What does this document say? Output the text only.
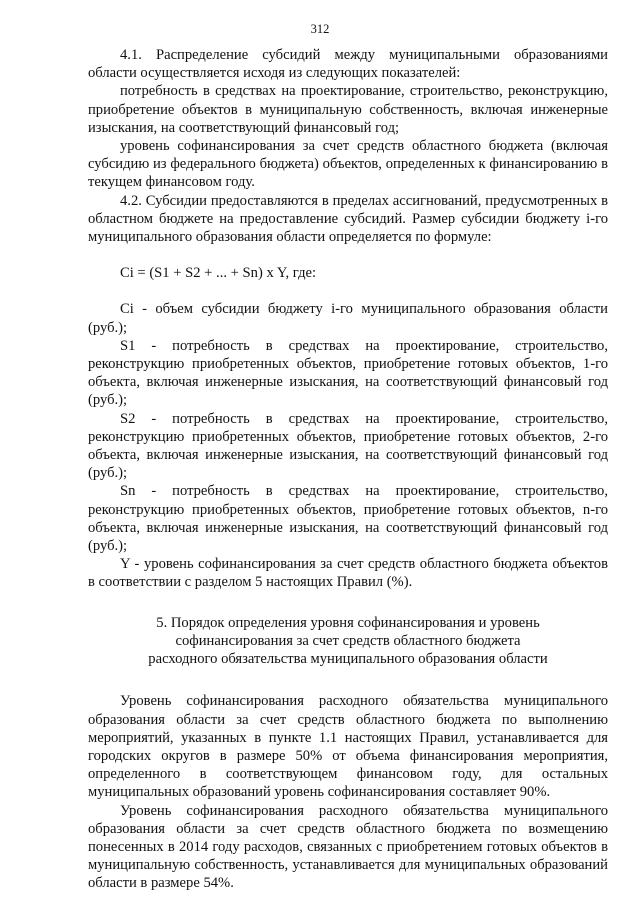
312

4.1. Распределение субсидий между муниципальными образованиями области осуществляется исходя из следующих показателей:

потребность в средствах на проектирование, строительство, реконструкцию, приобретение объектов в муниципальную собственность, включая инженерные изыскания, на соответствующий финансовый год;

уровень софинансирования за счет средств областного бюджета (включая субсидию из федерального бюджета) объектов, определенных к финансированию в текущем финансовом году.

4.2. Субсидии предоставляются в пределах ассигнований, предусмотренных в областном бюджете на предоставление субсидий. Размер субсидии бюджету i-го муниципального образования области определяется по формуле:

Ci = (S1 + S2 + ... + Sn) x Y, где:

Ci - объем субсидии бюджету i-го муниципального образования области (руб.);

S1 - потребность в средствах на проектирование, строительство, реконструкцию приобретенных объектов, приобретение готовых объектов, 1-го объекта, включая инженерные изыскания, на соответствующий финансовый год (руб.);

S2 - потребность в средствах на проектирование, строительство, реконструкцию приобретенных объектов, приобретение готовых объектов, 2-го объекта, включая инженерные изыскания, на соответствующий финансовый год (руб.);

Sn - потребность в средствах на проектирование, строительство, реконструкцию приобретенных объектов, приобретение готовых объектов, n-го объекта, включая инженерные изыскания, на соответствующий финансовый год (руб.);

Y - уровень софинансирования за счет средств областного бюджета объектов в соответствии с разделом 5 настоящих Правил (%).

5. Порядок определения уровня софинансирования и уровень
софинансирования за счет средств областного бюджета
расходного обязательства муниципального образования области

Уровень софинансирования расходного обязательства муниципального образования области за счет средств областного бюджета по выполнению мероприятий, указанных в пункте 1.1 настоящих Правил, устанавливается для городских округов в размере 50% от объема финансирования мероприятия, определенного в соответствующем финансовом году, для остальных муниципальных образований уровень софинансирования составляет 90%.

Уровень софинансирования расходного обязательства муниципального образования области за счет средств областного бюджета по возмещению понесенных в 2014 году расходов, связанных с приобретением готовых объектов в муниципальную собственность, устанавливается для муниципальных образований области в размере 54%.
